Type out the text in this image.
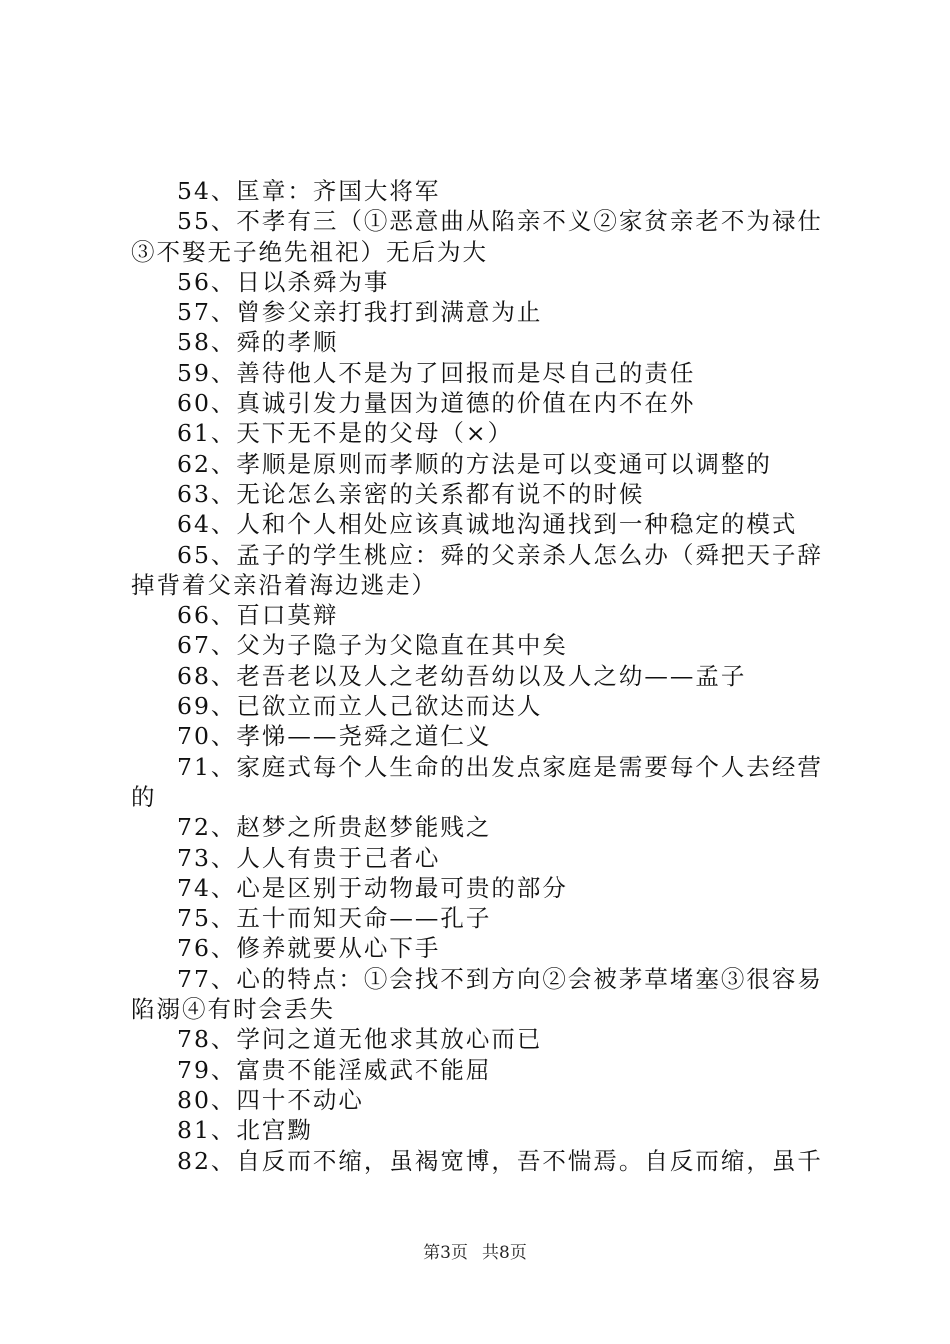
54、匡章：齐国大将军

55、不孝有三（①恶意曲从陷亲不义②家贫亲老不为禄仕③不娶无子绝先祖祀）无后为大

56、日以杀舜为事

57、曾参父亲打我打到满意为止

58、舜的孝顺

59、善待他人不是为了回报而是尽自己的责任

60、真诚引发力量因为道德的价值在内不在外

61、天下无不是的父母（×）

62、孝顺是原则而孝顺的方法是可以变通可以调整的

63、无论怎么亲密的关系都有说不的时候

64、人和个人相处应该真诚地沟通找到一种稳定的模式

65、孟子的学生桃应：舜的父亲杀人怎么办（舜把天子辞掉背着父亲沿着海边逃走）

66、百口莫辩

67、父为子隐子为父隐直在其中矣

68、老吾老以及人之老幼吾幼以及人之幼——孟子

69、已欲立而立人己欲达而达人

70、孝悌——尧舜之道仁义

71、家庭式每个人生命的出发点家庭是需要每个人去经营的

72、赵梦之所贵赵梦能贱之

73、人人有贵于己者心

74、心是区别于动物最可贵的部分

75、五十而知天命——孔子

76、修养就要从心下手

77、心的特点：①会找不到方向②会被茅草堵塞③很容易陷溺④有时会丢失

78、学问之道无他求其放心而已

79、富贵不能淫威武不能屈

80、四十不动心

81、北宫黝

82、自反而不缩，虽褐宽博，吾不惴焉。自反而缩，虽千

第3页 共8页
